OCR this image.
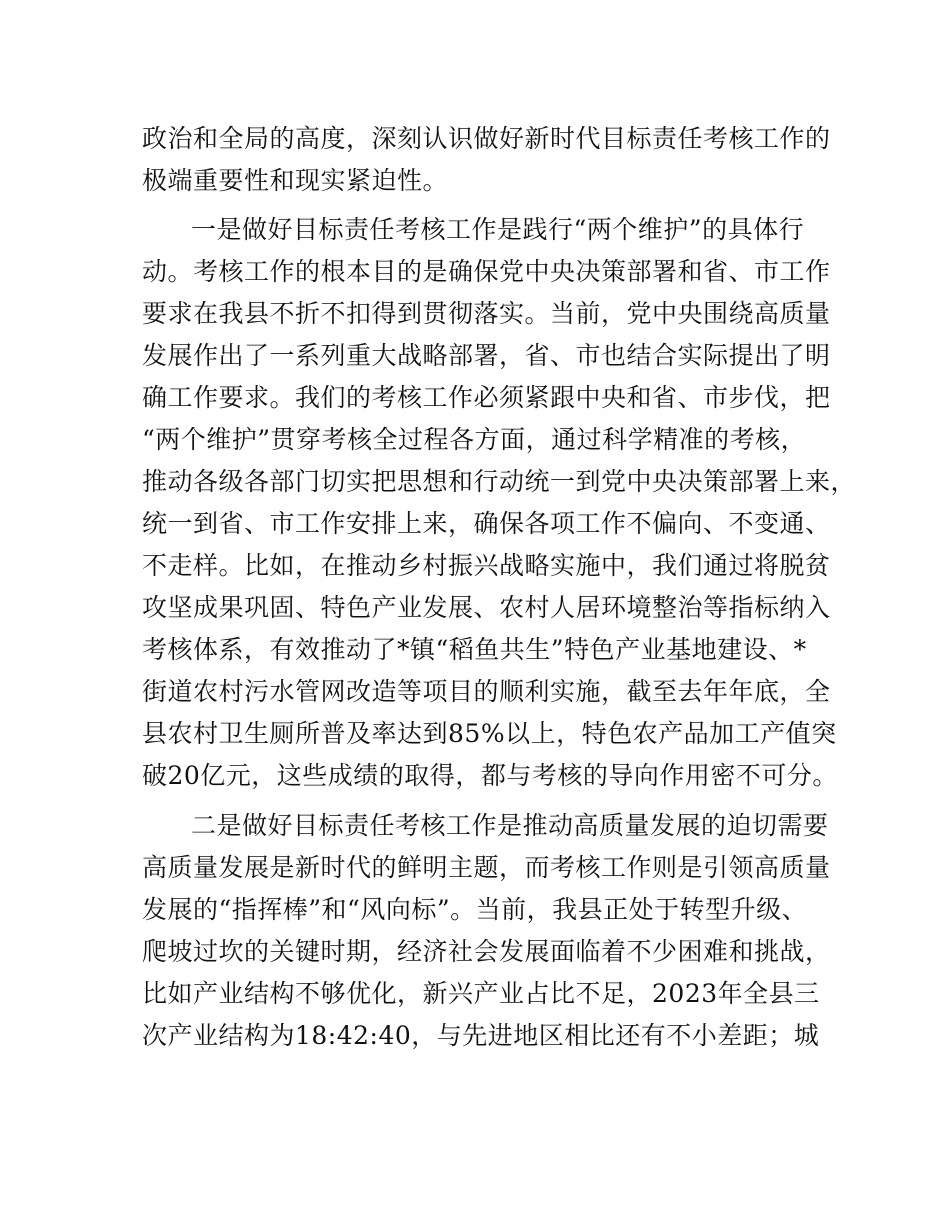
政治和全局的高度，深刻认识做好新时代目标责任考核工作的
极端重要性和现实紧迫性。
一是做好目标责任考核工作是践行“两个维护”的具体行
动。考核工作的根本目的是确保党中央决策部署和省、市工作
要求在我县不折不扣得到贯彻落实。当前，党中央围绕高质量
发展作出了一系列重大战略部署，省、市也结合实际提出了明
确工作要求。我们的考核工作必须紧跟中央和省、市步伐，把
“两个维护”贯穿考核全过程各方面，通过科学精准的考核，
推动各级各部门切实把思想和行动统一到党中央决策部署上来，
统一到省、市工作安排上来，确保各项工作不偏向、不变通、
不走样。比如，在推动乡村振兴战略实施中，我们通过将脱贫
攻坚成果巩固、特色产业发展、农村人居环境整治等指标纳入
考核体系，有效推动了*镇“稻鱼共生”特色产业基地建设、*
街道农村污水管网改造等项目的顺利实施，截至去年年底，全
县农村卫生厕所普及率达到85%以上，特色农产品加工产值突
破20亿元，这些成绩的取得，都与考核的导向作用密不可分。
二是做好目标责任考核工作是推动高质量发展的迫切需要
高质量发展是新时代的鲜明主题，而考核工作则是引领高质量
发展的“指挥棒”和“风向标”。当前，我县正处于转型升级、
爬坡过坎的关键时期，经济社会发展面临着不少困难和挑战，
比如产业结构不够优化，新兴产业占比不足，2023年全县三
次产业结构为18:42:40，与先进地区相比还有不小差距；城
